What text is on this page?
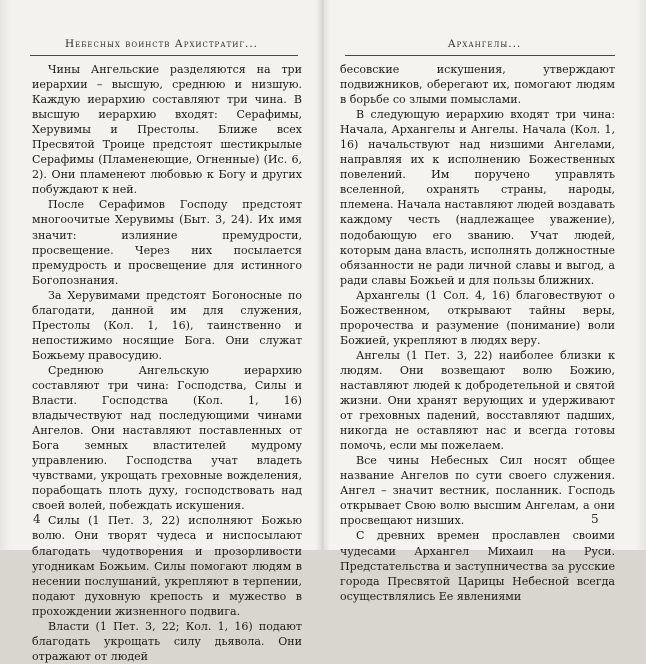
Небесных воинств Архистратиг...

Чины Ангельские разделяются на три иерархии – высшую, среднюю и низшую. Каждую иерархию составляют три чина. В высшую иерархию входят: Серафимы, Херувимы и Престолы. Ближе всех Пресвятой Троице предстоят шестикрылые Серафимы (Пламенеющие, Огненные) (Ис. 6, 2). Они пламенеют любовью к Богу и других побуждают к ней.

После Серафимов Господу предстоят многоочитые Херувимы (Быт. 3, 24). Их имя значит: излияние премудрости, просвещение. Через них посылается премудрость и просвещение для истинного Богопознания.

За Херувимами предстоят Богоносные по благодати, данной им для служения, Престолы (Кол. 1, 16), таинственно и непостижимо носящие Бога. Они служат Божьему правосудию.

Среднюю Ангельскую иерархию составляют три чина: Господства, Силы и Власти. Господства (Кол. 1, 16) владычествуют над последующими чинами Ангелов. Они наставляют поставленных от Бога земных властителей мудрому управлению. Господства учат владеть чувствами, укрощать греховные вожделения, порабощать плоть духу, господствовать над своей волей, побеждать искушения.

Силы (1 Пет. 3, 22) исполняют Божью волю. Они творят чудеса и ниспосылают благодать чудотворения и прозорливости угодникам Божьим. Силы помогают людям в несении послушаний, укрепляют в терпении, подают духовную крепость и мужество в прохождении жизненного подвига.

Власти (1 Пет. 3, 22; Кол. 1, 16) подают благодать укрощать силу дьявола. Они отражают от людей

4
Архангелы...

бесовские искушения, утверждают подвижников, оберегают их, помогают людям в борьбе со злыми помыслами.

В следующую иерархию входят три чина: Начала, Архангелы и Ангелы. Начала (Кол. 1, 16) начальствуют над низшими Ангелами, направляя их к исполнению Божественных повелений. Им поручено управлять вселенной, охранять страны, народы, племена. Начала наставляют людей воздавать каждому честь (надлежащее уважение), подобающую его званию. Учат людей, которым дана власть, исполнять должностные обязанности не ради личной славы и выгод, а ради славы Божьей и для пользы ближних.

Архангелы (1 Сол. 4, 16) благовествуют о Божественном, открывают тайны веры, пророчества и разумение (понимание) воли Божией, укрепляют в людях веру.

Ангелы (1 Пет. 3, 22) наиболее близки к людям. Они возвещают волю Божию, наставляют людей к добродетельной и святой жизни. Они хранят верующих и удерживают от греховных падений, восставляют падших, никогда не оставляют нас и всегда готовы помочь, если мы пожелаем.

Все чины Небесных Сил носят общее название Ангелов по сути своего служения. Ангел – значит вестник, посланник. Господь открывает Свою волю высшим Ангелам, а они просвещают низших.

С древних времен прославлен своими чудесами Архангел Михаил на Руси. Предстательства и заступничества за русские города Пресвятой Царицы Небесной всегда осуществлялись Ее явлениями

5
